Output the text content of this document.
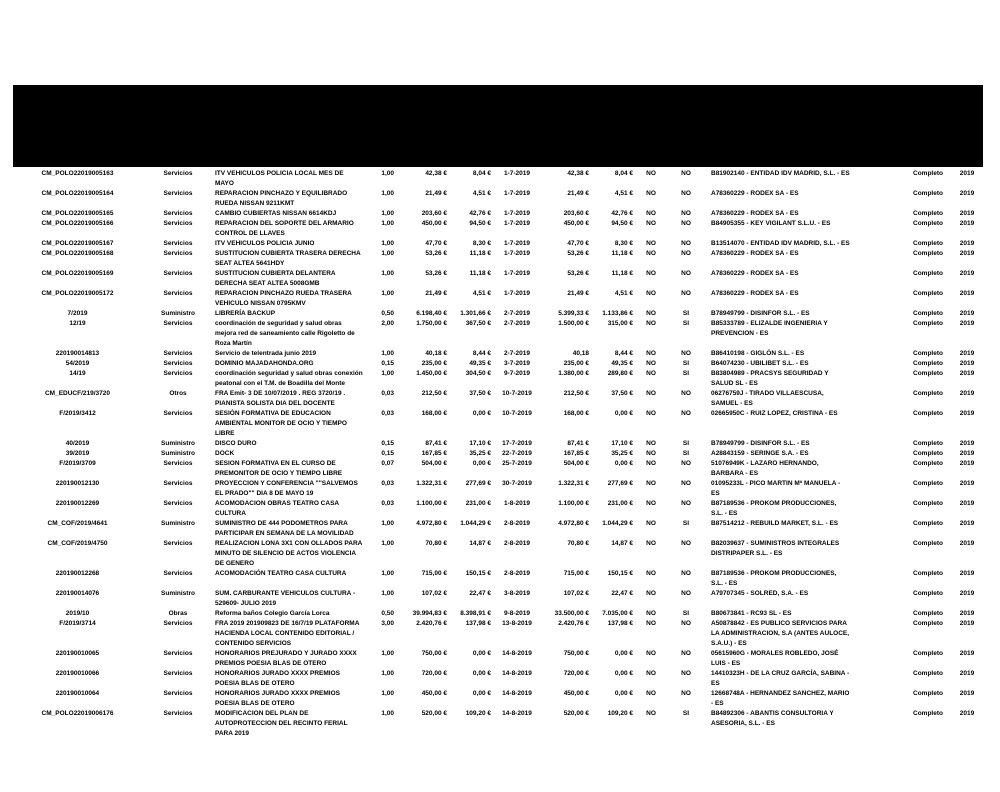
CM_POLO22019005163	Servicios	ITV VEHICULOS POLICIA LOCAL MES DE MAYO	1,00	42,38 €	8,04 €	1-7-2019	42,38 €	8,04 €	NO	NO	B81902140 - ENTIDAD IDV MADRID, S.L. - ES	Completo	2019
CM_POLO22019005164	Servicios	REPARACION PINCHAZO Y EQUILIBRADO RUEDA NISSAN 9211KMT	1,00	21,49 €	4,51 €	1-7-2019	21,49 €	4,51 €	NO	NO	A78360229 - RODEX SA - ES	Completo	2019
CM_POLO22019005165	Servicios	CAMBIO CUBIERTAS NISSAN 6614KDJ	1,00	203,60 €	42,76 €	1-7-2019	203,60 €	42,76 €	NO	NO	A78360229 - RODEX SA - ES	Completo	2019
CM_POLO22019005166	Servicios	REPARACION DEL SOPORTE DEL ARMARIO CONTROL DE LLAVES	1,00	450,00 €	94,50 €	1-7-2019	450,00 €	94,50 €	NO	NO	B84905355 - KEY VIGILANT S.L.U. - ES	Completo	2019
CM_POLO22019005167	Servicios	ITV VEHICULOS POLICIA JUNIO	1,00	47,70 €	8,30 €	1-7-2019	47,70 €	8,30 €	NO	NO	B13514070 - ENTIDAD IDV MADRID, S.L. - ES	Completo	2019
CM_POLO22019005168	Servicios	SUSTITUCION CUBIERTA TRASERA DERECHA SEAT ALTEA 5641HDY	1,00	53,26 €	11,18 €	1-7-2019	53,26 €	11,18 €	NO	NO	A78360229 - RODEX SA - ES	Completo	2019
CM_POLO22019005169	Servicios	SUSTITUCION CUBIERTA DELANTERA DERECHA SEAT ALTEA 5008GMB	1,00	53,26 €	11,18 €	1-7-2019	53,26 €	11,18 €	NO	NO	A78360229 - RODEX SA - ES	Completo	2019
CM_POLO22019005172	Servicios	REPARACION PINCHAZO RUEDA TRASERA VEHICULO NISSAN 0795KMV	1,00	21,49 €	4,51 €	1-7-2019	21,49 €	4,51 €	NO	NO	A78360229 - RODEX SA - ES	Completo	2019
7/2019	Suministro	LIBRERÍA BACKUP	0,50	6.198,40 €	1.301,66 €	2-7-2019	5.399,33 €	1.133,86 €	NO	SI	B78949799 - DISINFOR S.L. - ES	Completo	2019
12/19	Servicios	coordinación de seguridad y salud obras mejora red de saneamiento calle Rigoletto de Roza Martín	2,00	1.750,00 €	367,50 €	2-7-2019	1.500,00 €	315,00 €	NO	SI	B85333789 - ELIZALDE INGENIERIA Y PREVENCION - ES	Completo	2019
220190014813	Servicios	Servicio de telentrada junio 2019	1,00	40,18 €	8,44 €	2-7-2019	40,18	8,44 €	NO	NO	B86410198 - GIGLÓN S.L. - ES	Completo	2019
54/2019	Servicios	DOMINIO MAJADAHONDA.ORG	0,15	235,00 €	49,35 €	3-7-2019	235,00 €	49,35 €	NO	SI	B64074230 - UBILIBET S.L. - ES	Completo	2019
14/19	Servicios	coordinación seguridad y salud obras conexión peatonal con el T.M. de Boadilla del Monte	1,00	1.450,00 €	304,50 €	9-7-2019	1.380,00 €	289,80 €	NO	SI	B83804989 - PRACSYS SEGURIDAD Y SALUD SL - ES	Completo	2019
CM_EDUCF/219/3720	Otros	FRA Emit- 3 DE 10/07/2019 . REG 3720/19 . PIANISTA SOLISTA DIA DEL DOCENTE	0,03	212,50 €	37,50 €	10-7-2019	212,50 €	37,50 €	NO	NO	06276759J - TIRADO VILLAESCUSA, SAMUEL - ES	Completo	2019
F/2019/3412	Servicios	SESIÓN FORMATIVA DE EDUCACION AMBIENTAL MONITOR DE OCIO Y TIEMPO LIBRE	0,03	168,00 €	0,00 €	10-7-2019	168,00 €	0,00 €	NO	NO	02665950C - RUIZ LOPEZ, CRISTINA - ES	Completo	2019
40/2019	Suministro	DISCO DURO	0,15	87,41 €	17,10 €	17-7-2019	87,41 €	17,10 €	NO	SI	B78949799 - DISINFOR S.L. - ES	Completo	2019
39/2019	Suministro	DOCK	0,15	167,85 €	35,25 €	22-7-2019	167,85 €	35,25 €	NO	SI	A28843159 - SERINGE S.A. - ES	Completo	2019
F/2019/3709	Servicios	SESION FORMATIVA EN EL CURSO DE PREMONITOR DE OCIO Y TIEMPO LIBRE	0,07	504,00 €	0,00 €	25-7-2019	504,00 €	0,00 €	NO	NO	51076949K - LAZARO HERNANDO, BARBARA - ES	Completo	2019
220190012130	Servicios	PROYECCION Y CONFERENCIA ""SALVEMOS EL PRADO"" DIA 8 DE MAYO 19	0,03	1.322,31 €	277,69 €	30-7-2019	1.322,31 €	277,69 €	NO	NO	01095233L - PICO MARTIN Mª MANUELA - ES	Completo	2019
220190012269	Servicios	ACOMODACION OBRAS TEATRO CASA CULTURA	0,03	1.100,00 €	231,00 €	1-8-2019	1.100,00 €	231,00 €	NO	NO	B87189536 - PROKOM PRODUCCIONES, S.L. - ES	Completo	2019
CM_COF/2019/4641	Suministro	SUMINISTRO DE 444 PODOMETROS PARA PARTICIPAR EN SEMANA DE LA MOVILIDAD	1,00	4.972,80 €	1.044,29 €	2-8-2019	4.972,80 €	1.044,29 €	NO	SI	B87514212 - REBUILD MARKET, S.L. - ES	Completo	2019
CM_COF/2019/4750	Servicios	REALIZACION LONA 3X1 CON OLLADOS PARA MINUTO DE SILENCIO DE ACTOS VIOLENCIA DE GENERO	1,00	70,80 €	14,87 €	2-8-2019	70,80 €	14,87 €	NO	NO	B82039637 - SUMINISTROS INTEGRALES DISTRIPAPER S.L. - ES	Completo	2019
220190012268	Servicios	ACOMODACIÓN TEATRO CASA CULTURA	1,00	715,00 €	150,15 €	2-8-2019	715,00 €	150,15 €	NO	NO	B87189536 - PROKOM PRODUCCIONES, S.L. - ES	Completo	2019
220190014076	Suministro	SUM. CARBURANTE VEHICULOS CULTURA - 529609- JULIO 2019	1,00	107,02 €	22,47 €	3-8-2019	107,02 €	22,47 €	NO	NO	A79707345 - SOLRED, S.A. - ES	Completo	2019
2019/10	Obras	Reforma baños Colegio García Lorca	0,50	39.994,83 €	8.398,91 €	9-8-2019	33.500,00 €	7.035,00 €	NO	SI	B80673841 - RC93 SL - ES	Completo	2019
F/2019/3714	Servicios	FRA 2019 201909823 DE 16/7/19 PLATAFORMA HACIENDA LOCAL CONTENIDO EDITORIAL / CONTENIDO SERVICIOS	3,00	2.420,76 €	137,98 €	13-8-2019	2.420,76 €	137,98 €	NO	NO	A50878842 - ES PUBLICO SERVICIOS PARA LA ADMINISTRACION, S.A (ANTES AULOCE, S.A.U.) - ES	Completo	2019
220190010065	Servicios	HONORARIOS PREJURADO Y JURADO XXXX PREMIOS POESIA BLAS DE OTERO	1,00	750,00 €	0,00 €	14-8-2019	750,00 €	0,00 €	NO	NO	05615960G - MORALES ROBLEDO, JOSÉ LUIS - ES	Completo	2019
220190010066	Servicios	HONORARIOS JURADO XXXX PREMIOS POESIA BLAS DE OTERO	1,00	720,00 €	0,00 €	14-8-2019	720,00 €	0,00 €	NO	NO	14410323H - DE LA CRUZ GARCÍA, SABINA - ES	Completo	2019
220190010064	Servicios	HONORARIOS JURADO XXXX PREMIOS POESIA BLAS DE OTERO	1,00	450,00 €	0,00 €	14-8-2019	450,00 €	0,00 €	NO	NO	12668748A - HERNANDEZ SANCHEZ, MARIO - ES	Completo	2019
CM_POLO22019006176	Servicios	MODIFICACION DEL PLAN DE AUTOPROTECCION DEL RECINTO FERIAL PARA 2019	1,00	520,00 €	109,20 €	14-8-2019	520,00 €	109,20 €	NO	SI	B84892306 - ABANTIS CONSULTORIA Y ASESORIA, S.L. - ES	Completo	2019
